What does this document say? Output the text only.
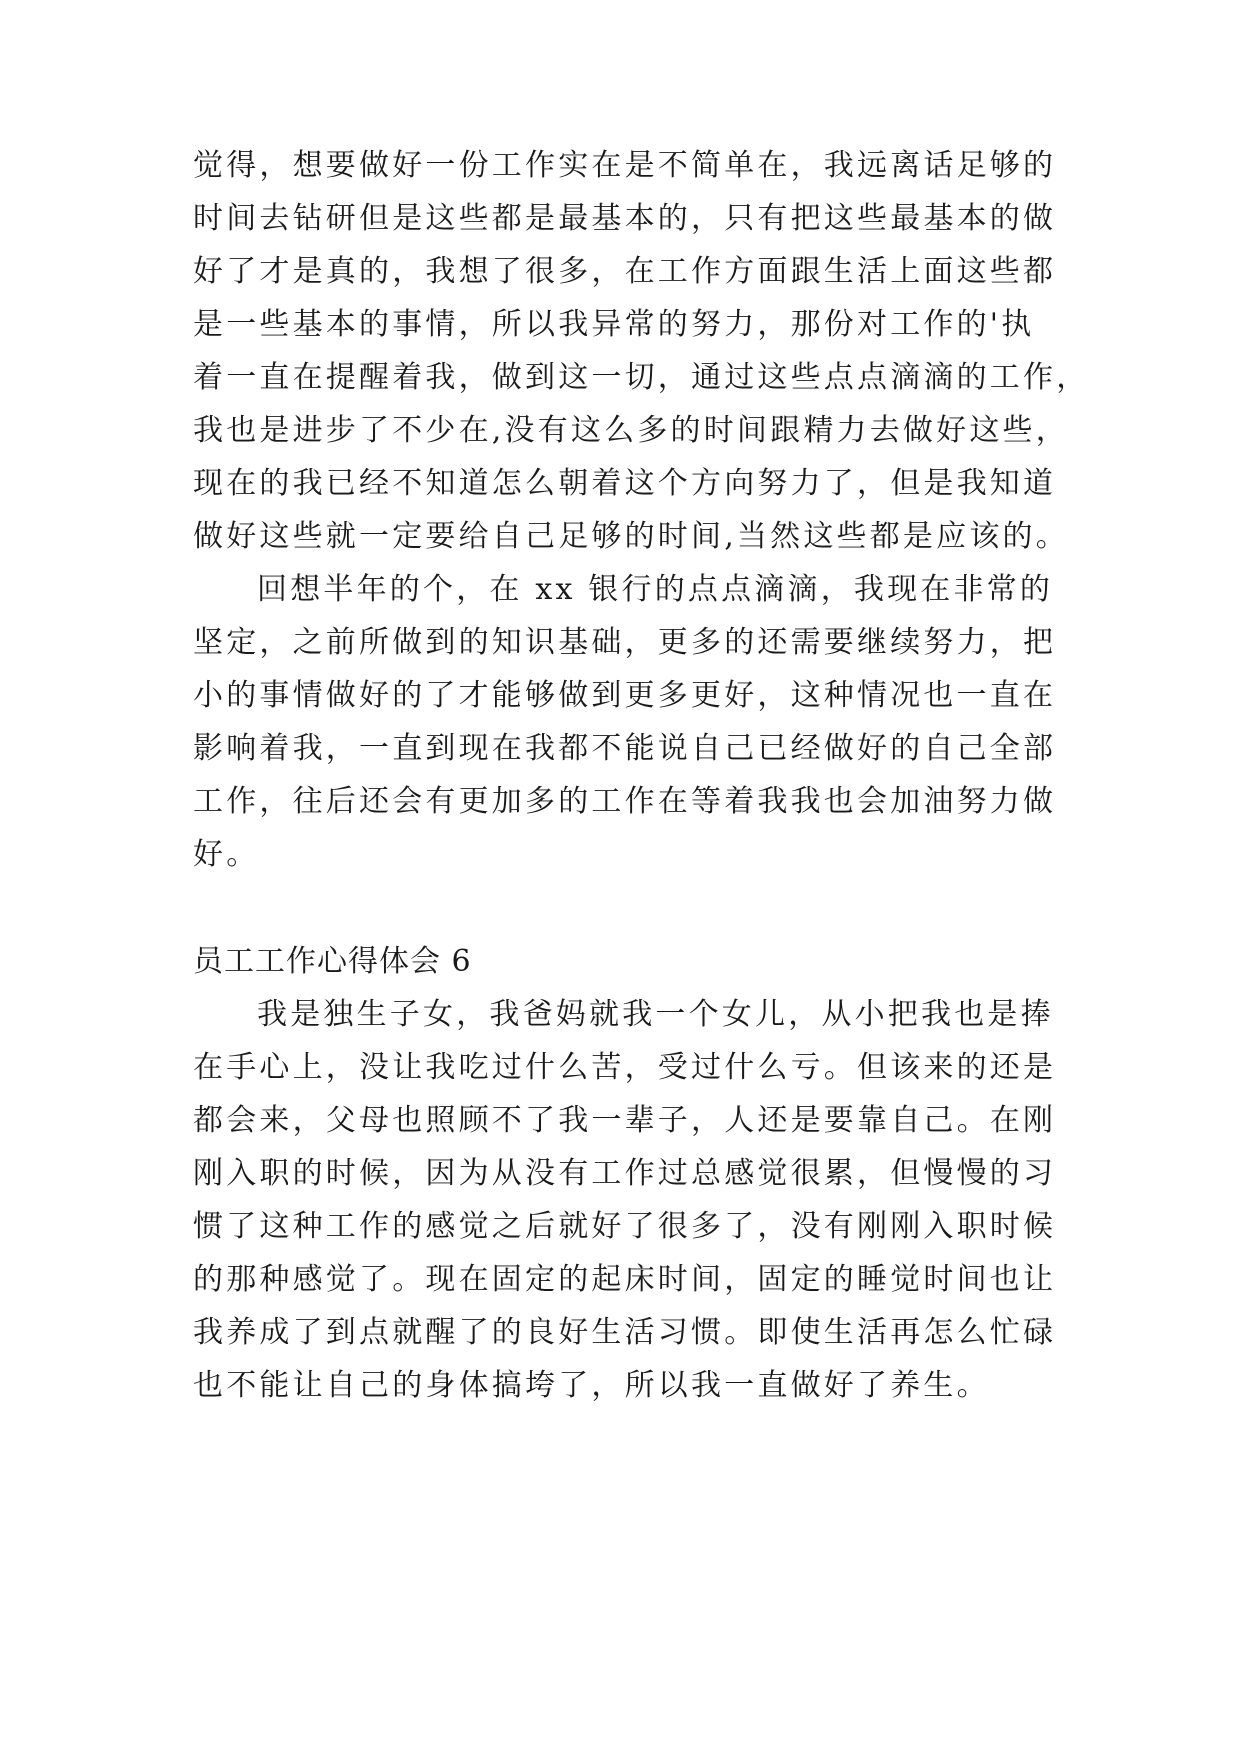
觉得，想要做好一份工作实在是不简单在，我远离话足够的
时间去钻研但是这些都是最基本的，只有把这些最基本的做
好了才是真的，我想了很多，在工作方面跟生活上面这些都
是一些基本的事情，所以我异常的努力，那份对工作的'执
着一直在提醒着我，做到这一切，通过这些点点滴滴的工作，
我也是进步了不少在,没有这么多的时间跟精力去做好这些，
现在的我已经不知道怎么朝着这个方向努力了，但是我知道
做好这些就一定要给自己足够的时间,当然这些都是应该的。
回想半年的个，在 xx 银行的点点滴滴，我现在非常的
坚定，之前所做到的知识基础，更多的还需要继续努力，把
小的事情做好的了才能够做到更多更好，这种情况也一直在
影响着我，一直到现在我都不能说自己已经做好的自己全部
工作，往后还会有更加多的工作在等着我我也会加油努力做
好。
员工工作心得体会 6
我是独生子女，我爸妈就我一个女儿，从小把我也是捧
在手心上，没让我吃过什么苦，受过什么亏。但该来的还是
都会来，父母也照顾不了我一辈子，人还是要靠自己。在刚
刚入职的时候，因为从没有工作过总感觉很累，但慢慢的习
惯了这种工作的感觉之后就好了很多了，没有刚刚入职时候
的那种感觉了。现在固定的起床时间，固定的睡觉时间也让
我养成了到点就醒了的良好生活习惯。即使生活再怎么忙碌
也不能让自己的身体搞垮了，所以我一直做好了养生。
